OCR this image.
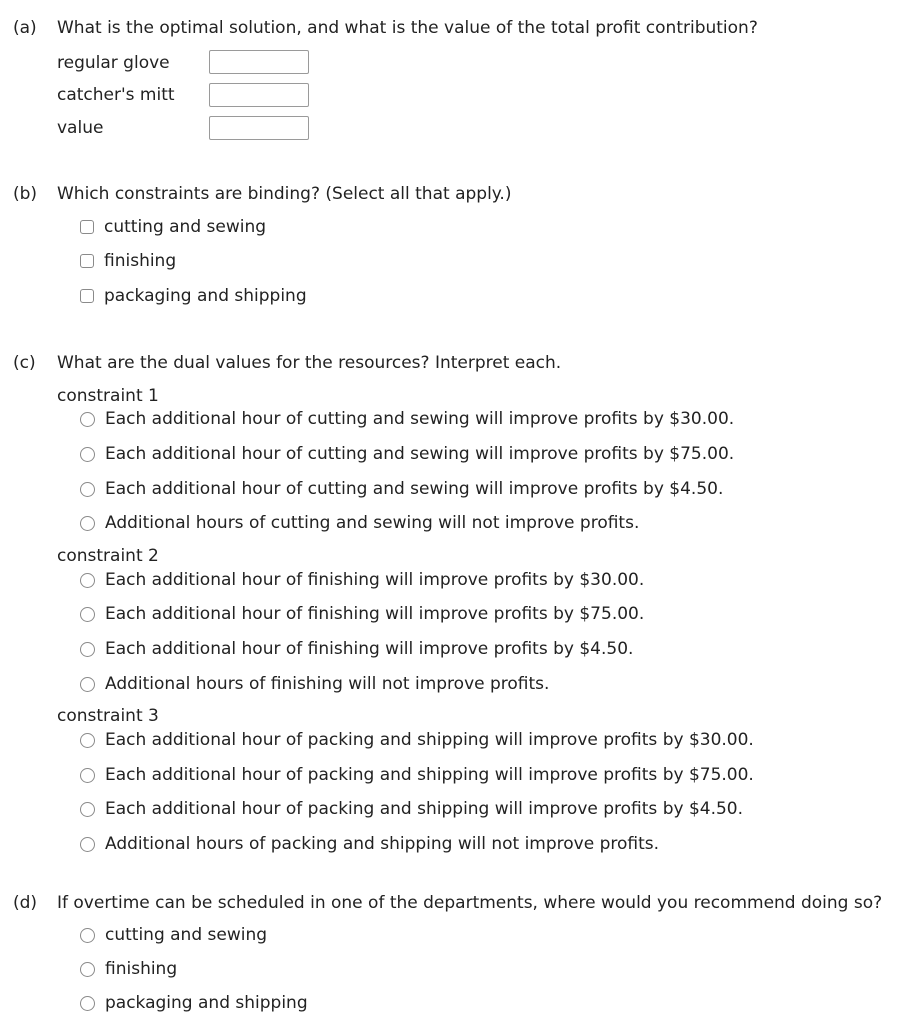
(a) What is the optimal solution, and what is the value of the total profit contribution?
regular glove
catcher's mitt
value
(b) Which constraints are binding? (Select all that apply.)
cutting and sewing
finishing
packaging and shipping
(c) What are the dual values for the resources? Interpret each.
constraint 1
Each additional hour of cutting and sewing will improve profits by $30.00.
Each additional hour of cutting and sewing will improve profits by $75.00.
Each additional hour of cutting and sewing will improve profits by $4.50.
Additional hours of cutting and sewing will not improve profits.
constraint 2
Each additional hour of finishing will improve profits by $30.00.
Each additional hour of finishing will improve profits by $75.00.
Each additional hour of finishing will improve profits by $4.50.
Additional hours of finishing will not improve profits.
constraint 3
Each additional hour of packing and shipping will improve profits by $30.00.
Each additional hour of packing and shipping will improve profits by $75.00.
Each additional hour of packing and shipping will improve profits by $4.50.
Additional hours of packing and shipping will not improve profits.
(d) If overtime can be scheduled in one of the departments, where would you recommend doing so?
cutting and sewing
finishing
packaging and shipping
